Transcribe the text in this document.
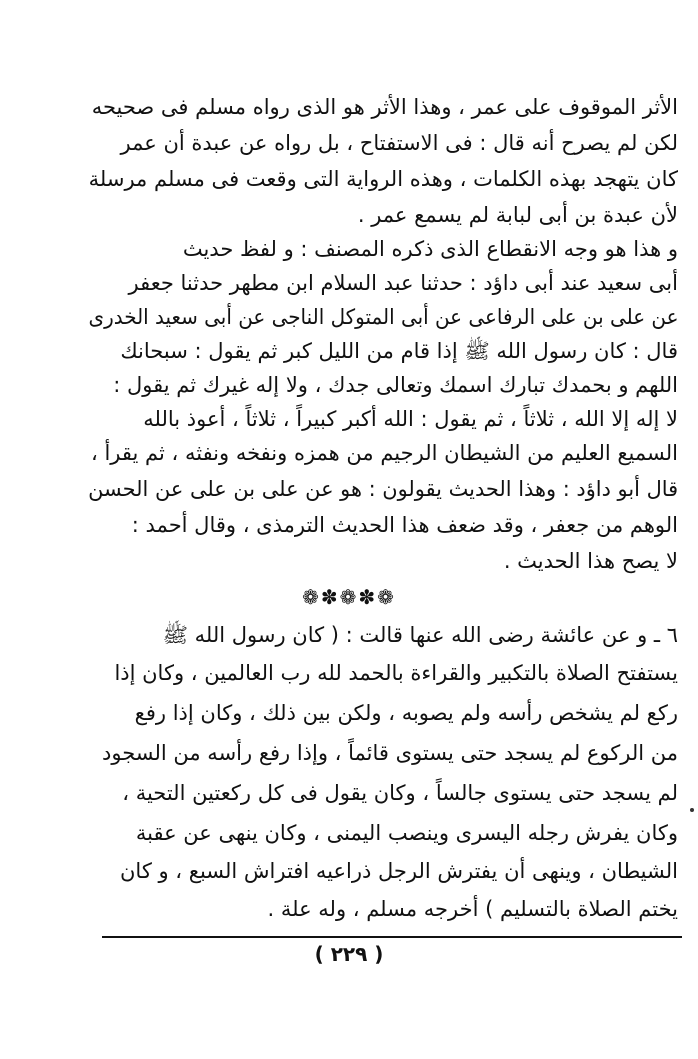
الأثر الموقوف على عمر ، وهذا الأثر هو الذى رواه مسلم فى صحيحه
لكن لم يصرح أنه قال : فى الاستفتاح ، بل رواه عن عبدة أن عمر
كان يتهجد بهذه الكلمات ، وهذه الرواية التى وقعت فى مسلم مرسلة
لأن عبدة بن أبى لبابة لم يسمع عمر .
و هذا هو وجه الانقطاع الذى ذكره المصنف : و لفظ حديث
أبى سعيد عند أبى داؤد : حدثنا عبد السلام ابن مطهر حدثنا جعفر
عن على بن على الرفاعى عن أبى المتوكل الناجى عن أبى سعيد الخدرى
قال : كان رسول الله ﷺ إذا قام من الليل كبر ثم يقول : سبحانك
اللهم و بحمدك تبارك اسمك وتعالى جدك ، ولا إله غيرك ثم يقول :
لا إله إلا الله ، ثلاثاً ، ثم يقول : الله أكبر كبيراً ، ثلاثاً ، أعوذ بالله
السميع العليم من الشيطان الرجيم من همزه ونفخه ونفثه ، ثم يقرأ ،
قال أبو داؤد : وهذا الحديث يقولون : هو عن على بن على عن الحسن
الوهم من جعفر ، وقد ضعف هذا الحديث الترمذى ، وقال أحمد :
لا يصح هذا الحديث .
❁✽❁✽❁
٦ ـ و عن عائشة رضى الله عنها قالت : ( كان رسول الله ﷺ
يستفتح الصلاة بالتكبير والقراءة بالحمد لله رب العالمين ، وكان إذا
ركع لم يشخص رأسه ولم يصوبه ، ولكن بين ذلك ، وكان إذا رفع
من الركوع لم يسجد حتى يستوى قائماً ، وإذا رفع رأسه من السجود
لم يسجد حتى يستوى جالساً ، وكان يقول فى كل ركعتين التحية ،
وكان يفرش رجله اليسرى وينصب اليمنى ، وكان ينهى عن عقبة
الشيطان ، وينهى أن يفترش الرجل ذراعيه افتراش السبع ، و كان
يختم الصلاة بالتسليم ) أخرجه مسلم ، وله علة .
( ٢٢٩ )
